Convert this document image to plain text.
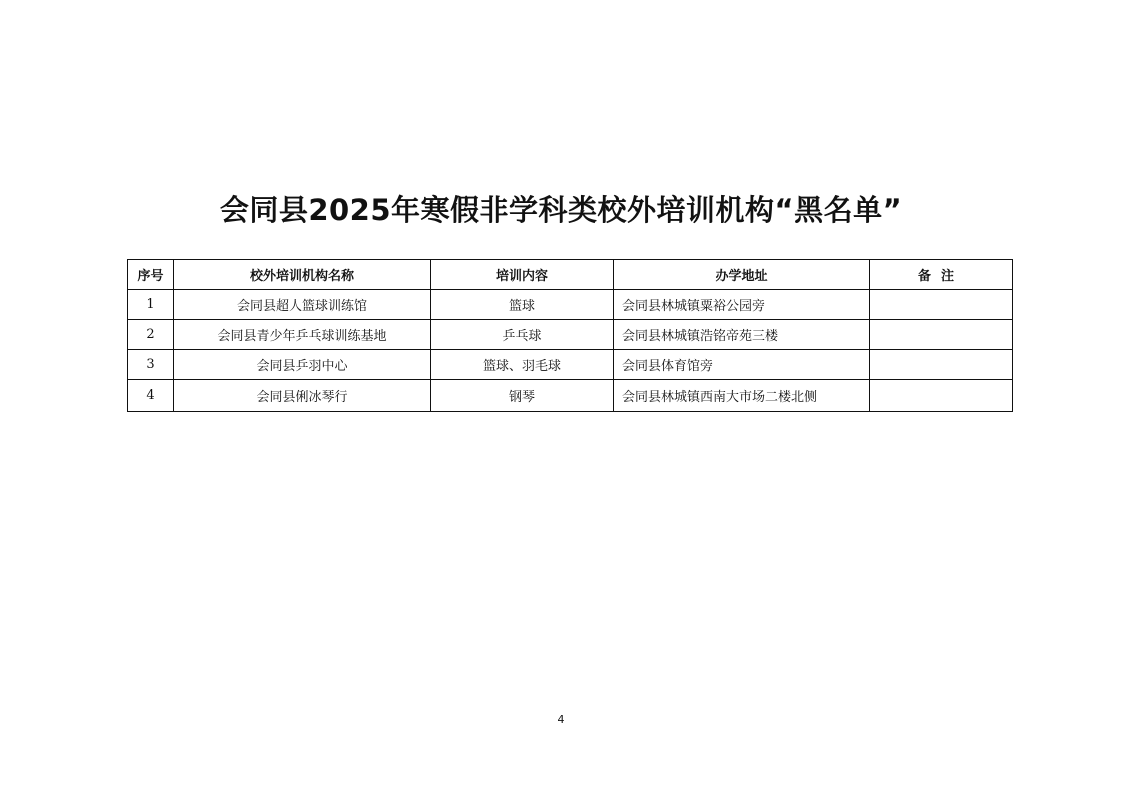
会同县2025年寒假非学科类校外培训机构“黑名单”
序号	校外培训机构名称	培训内容	办学地址	备注
1	会同县超人篮球训练馆	篮球	会同县林城镇粟裕公园旁	
2	会同县青少年乒乓球训练基地	乒乓球	会同县林城镇浩铭帝苑三楼	
3	会同县乒羽中心	篮球、羽毛球	会同县体育馆旁	
4	会同县俐冰琴行	钢琴	会同县林城镇西南大市场二楼北侧	
4
